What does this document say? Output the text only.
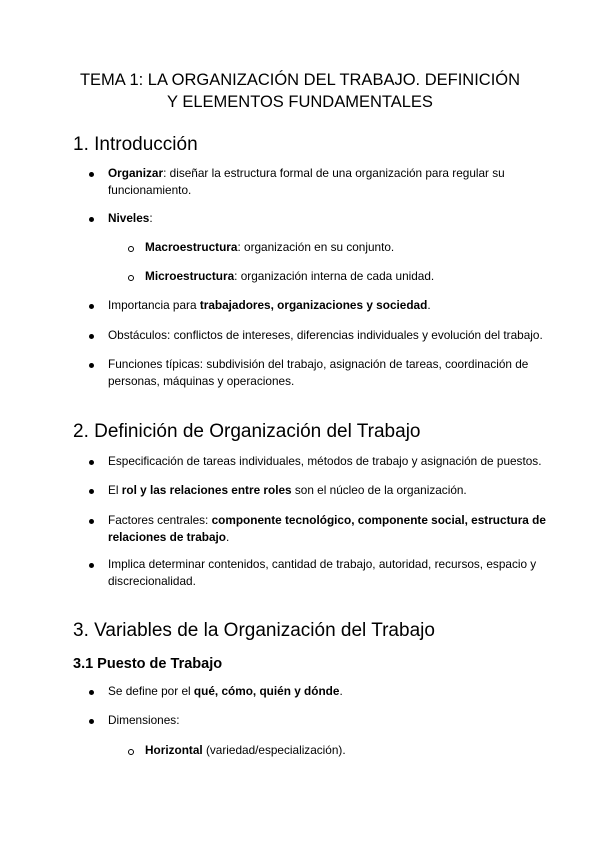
TEMA 1: LA ORGANIZACIÓN DEL TRABAJO. DEFINICIÓN
Y ELEMENTOS FUNDAMENTALES
1. Introducción
Organizar: diseñar la estructura formal de una organización para regular su funcionamiento.
Niveles:
Macroestructura: organización en su conjunto.
Microestructura: organización interna de cada unidad.
Importancia para trabajadores, organizaciones y sociedad.
Obstáculos: conflictos de intereses, diferencias individuales y evolución del trabajo.
Funciones típicas: subdivisión del trabajo, asignación de tareas, coordinación de personas, máquinas y operaciones.
2. Definición de Organización del Trabajo
Especificación de tareas individuales, métodos de trabajo y asignación de puestos.
El rol y las relaciones entre roles son el núcleo de la organización.
Factores centrales: componente tecnológico, componente social, estructura de relaciones de trabajo.
Implica determinar contenidos, cantidad de trabajo, autoridad, recursos, espacio y discrecionalidad.
3. Variables de la Organización del Trabajo
3.1 Puesto de Trabajo
Se define por el qué, cómo, quién y dónde.
Dimensiones:
Horizontal (variedad/especialización).
